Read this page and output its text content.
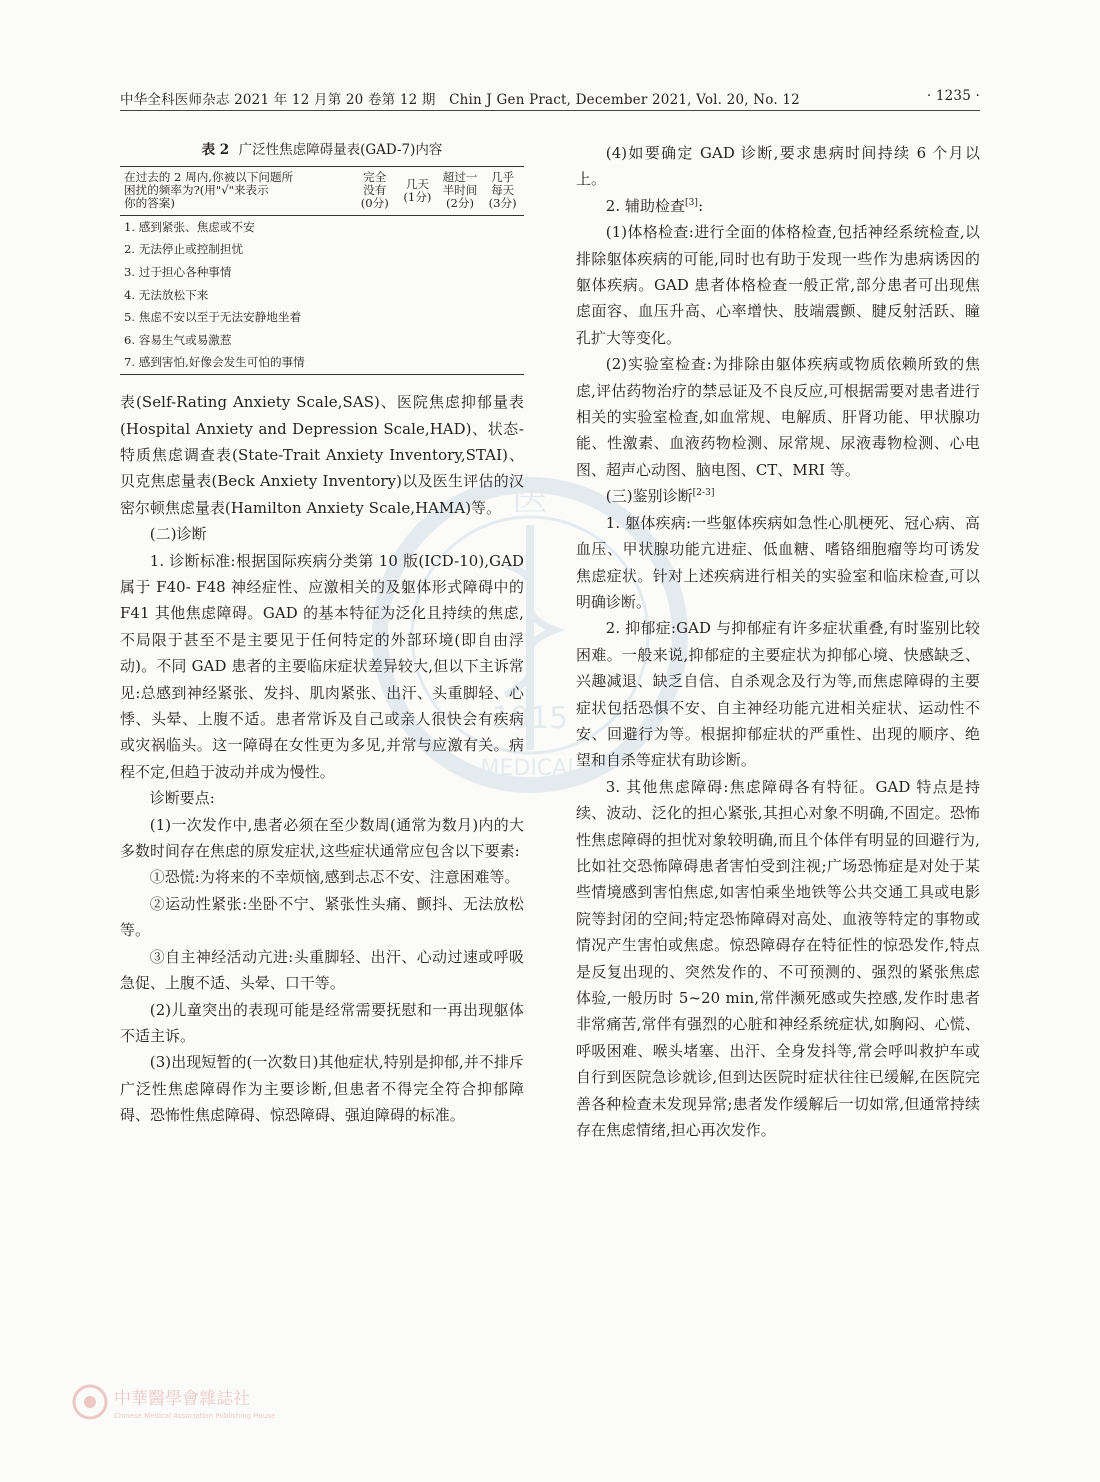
中华全科医师杂志 2021 年 12 月第 20 卷第 12 期 Chin J Gen Pract, December 2021, Vol. 20, No. 12	· 1235 ·
医
1915
MEDICAL
表 2 广泛性焦虑障碍量表(GAD-7)内容
在过去的 2 周内,你被以下问题所
困扰的频率为?(用"√"来表示
你的答案)	完全
没有
(0分)	几天
(1分)	超过一
半时间
(2分)	几乎
每天
(3分)
1. 感到紧张、焦虑或不安
2. 无法停止或控制担忧
3. 过于担心各种事情
4. 无法放松下来
5. 焦虑不安以至于无法安静地坐着
6. 容易生气或易激惹
7. 感到害怕,好像会发生可怕的事情

表(Self-Rating Anxiety Scale,SAS)、医院焦虑抑郁量表(Hospital Anxiety and Depression Scale,HAD)、状态-特质焦虑调查表(State-Trait Anxiety Inventory,STAI)、贝克焦虑量表(Beck Anxiety Inventory)以及医生评估的汉密尔顿焦虑量表(Hamilton Anxiety Scale,HAMA)等。

(二)诊断

1. 诊断标准:根据国际疾病分类第 10 版(ICD-10),GAD 属于 F40- F48 神经症性、应激相关的及躯体形式障碍中的 F41 其他焦虑障碍。GAD 的基本特征为泛化且持续的焦虑,不局限于甚至不是主要见于任何特定的外部环境(即自由浮动)。不同 GAD 患者的主要临床症状差异较大,但以下主诉常见:总感到神经紧张、发抖、肌肉紧张、出汗、头重脚轻、心悸、头晕、上腹不适。患者常诉及自己或亲人很快会有疾病或灾祸临头。这一障碍在女性更为多见,并常与应激有关。病程不定,但趋于波动并成为慢性。

诊断要点:

(1)一次发作中,患者必须在至少数周(通常为数月)内的大多数时间存在焦虑的原发症状,这些症状通常应包含以下要素:

①恐慌:为将来的不幸烦恼,感到忐忑不安、注意困难等。

②运动性紧张:坐卧不宁、紧张性头痛、颤抖、无法放松等。

③自主神经活动亢进:头重脚轻、出汗、心动过速或呼吸急促、上腹不适、头晕、口干等。

(2)儿童突出的表现可能是经常需要抚慰和一再出现躯体不适主诉。

(3)出现短暂的(一次数日)其他症状,特别是抑郁,并不排斥广泛性焦虑障碍作为主要诊断,但患者不得完全符合抑郁障碍、恐怖性焦虑障碍、惊恐障碍、强迫障碍的标准。

(4)如要确定 GAD 诊断,要求患病时间持续 6 个月以上。

2. 辅助检查[3]:

(1)体格检查:进行全面的体格检查,包括神经系统检查,以排除躯体疾病的可能,同时也有助于发现一些作为患病诱因的躯体疾病。GAD 患者体格检查一般正常,部分患者可出现焦虑面容、血压升高、心率增快、肢端震颤、腱反射活跃、瞳孔扩大等变化。

(2)实验室检查:为排除由躯体疾病或物质依赖所致的焦虑,评估药物治疗的禁忌证及不良反应,可根据需要对患者进行相关的实验室检查,如血常规、电解质、肝肾功能、甲状腺功能、性激素、血液药物检测、尿常规、尿液毒物检测、心电图、超声心动图、脑电图、CT、MRI 等。

(三)鉴别诊断[2-3]

1. 躯体疾病:一些躯体疾病如急性心肌梗死、冠心病、高血压、甲状腺功能亢进症、低血糖、嗜铬细胞瘤等均可诱发焦虑症状。针对上述疾病进行相关的实验室和临床检查,可以明确诊断。

2. 抑郁症:GAD 与抑郁症有许多症状重叠,有时鉴别比较困难。一般来说,抑郁症的主要症状为抑郁心境、快感缺乏、兴趣减退、缺乏自信、自杀观念及行为等,而焦虑障碍的主要症状包括恐惧不安、自主神经功能亢进相关症状、运动性不安、回避行为等。根据抑郁症状的严重性、出现的顺序、绝望和自杀等症状有助诊断。

3. 其他焦虑障碍:焦虑障碍各有特征。GAD 特点是持续、波动、泛化的担心紧张,其担心对象不明确,不固定。恐怖性焦虑障碍的担忧对象较明确,而且个体伴有明显的回避行为,比如社交恐怖障碍患者害怕受到注视;广场恐怖症是对处于某些情境感到害怕焦虑,如害怕乘坐地铁等公共交通工具或电影院等封闭的空间;特定恐怖障碍对高处、血液等特定的事物或情况产生害怕或焦虑。惊恐障碍存在特征性的惊恐发作,特点是反复出现的、突然发作的、不可预测的、强烈的紧张焦虑体验,一般历时 5~20 min,常伴濒死感或失控感,发作时患者非常痛苦,常伴有强烈的心脏和神经系统症状,如胸闷、心慌、呼吸困难、喉头堵塞、出汗、全身发抖等,常会呼叫救护车或自行到医院急诊就诊,但到达医院时症状往往已缓解,在医院完善各种检查未发现异常;患者发作缓解后一切如常,但通常持续存在焦虑情绪,担心再次发作。

中華醫學會雜誌社
Chinese Medical Association Publishing House
